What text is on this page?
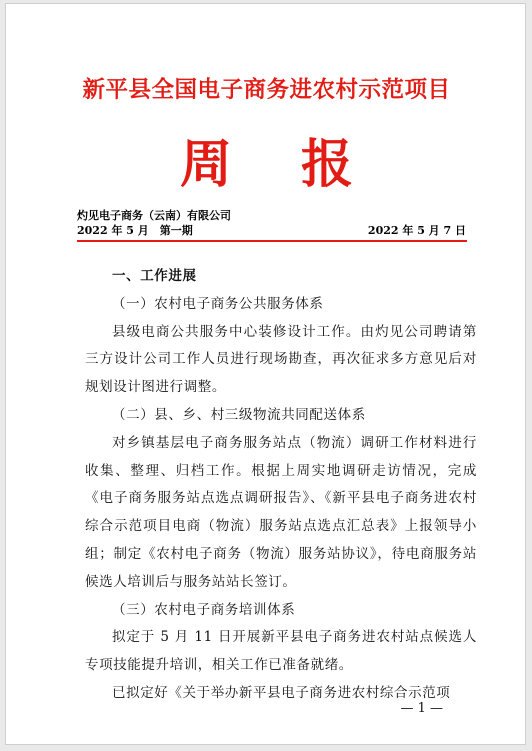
新平县全国电子商务进农村示范项目
周 报
灼见电子商务（云南）有限公司
2022 年 5 月　第一期	2022 年 5 月 7 日

一、工作进展

（一）农村电子商务公共服务体系

县级电商公共服务中心装修设计工作。由灼见公司聘请第三方设计公司工作人员进行现场勘查，再次征求多方意见后对规划设计图进行调整。

（二）县、乡、村三级物流共同配送体系

对乡镇基层电子商务服务站点（物流）调研工作材料进行收集、整理、归档工作。根据上周实地调研走访情况，完成《电子商务服务站点选点调研报告》、《新平县电子商务进农村综合示范项目电商（物流）服务站点选点汇总表》上报领导小组；制定《农村电子商务（物流）服务站协议》，待电商服务站候选人培训后与服务站站长签订。

（三）农村电子商务培训体系

拟定于 5 月 11 日开展新平县电子商务进农村站点候选人专项技能提升培训，相关工作已准备就绪。

已拟定好《关于举办新平县电子商务进农村综合示范项

— 1 —
